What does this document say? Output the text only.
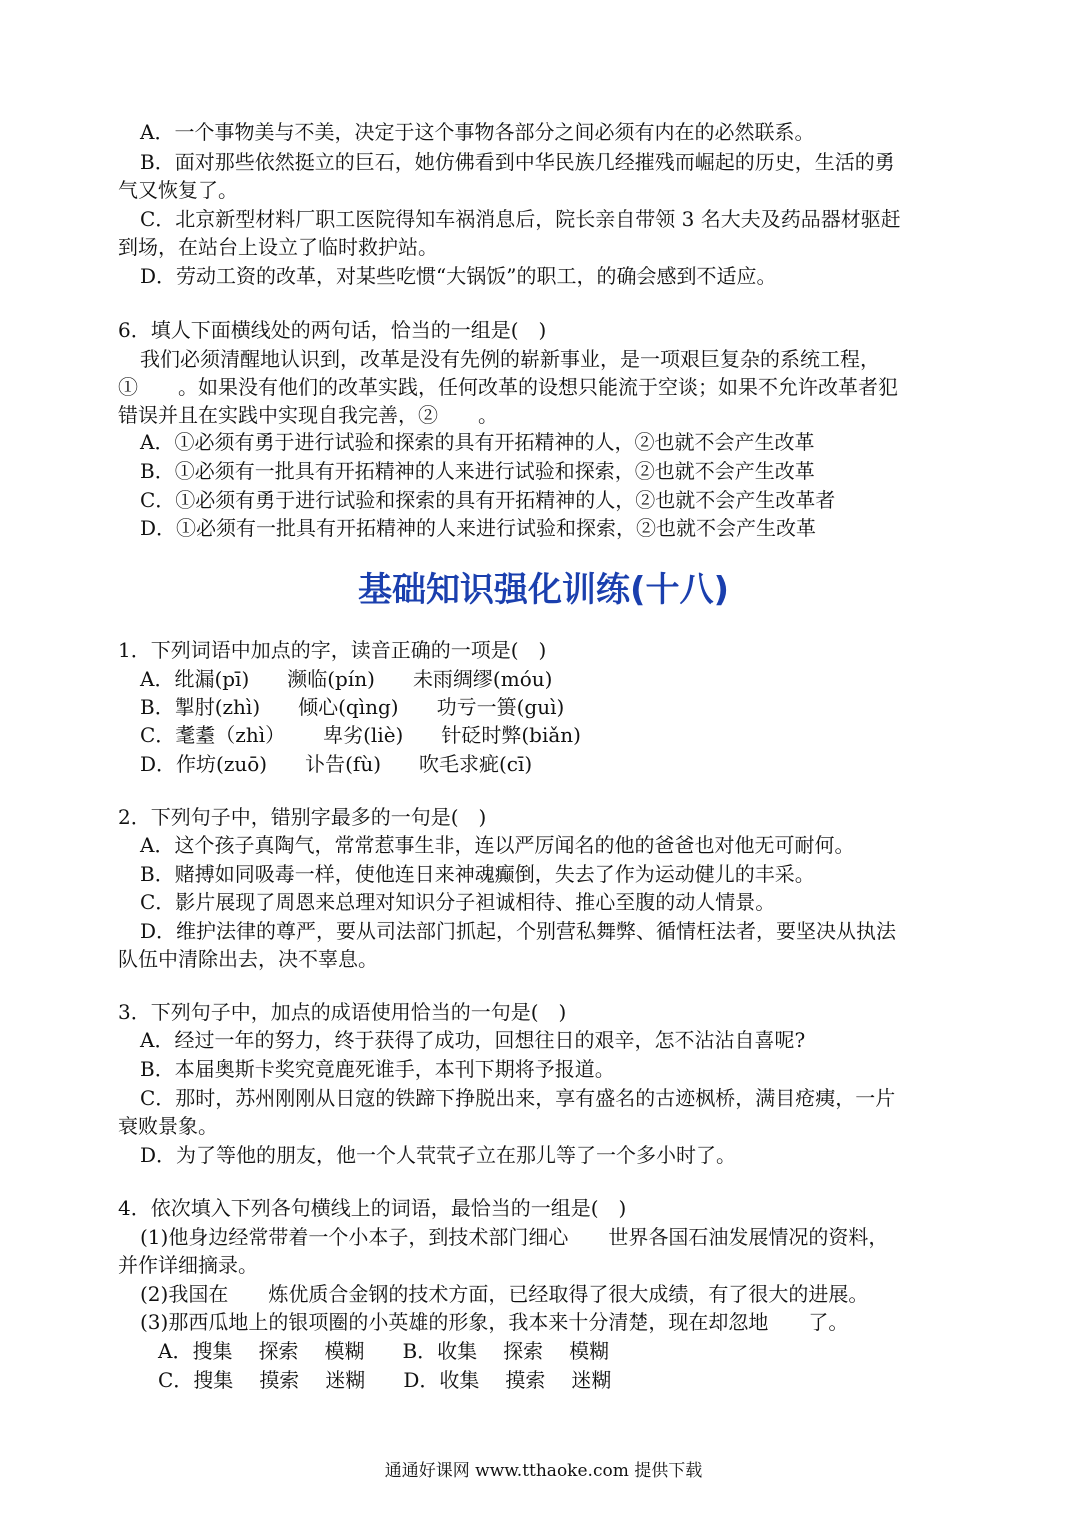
A．一个事物美与不美，决定于这个事物各部分之间必须有内在的必然联系。
B．面对那些依然挺立的巨石，她仿佛看到中华民族几经摧残而崛起的历史，生活的勇
气又恢复了。
C．北京新型材料厂职工医院得知车祸消息后，院长亲自带领 3 名大夫及药品器材驱赶
到场，在站台上设立了临时救护站。
D．劳动工资的改革，对某些吃惯“大锅饭”的职工，的确会感到不适应。
6．填人下面横线处的两句话，恰当的一组是(　)
我们必须清醒地认识到，改革是没有先例的崭新事业，是一项艰巨复杂的系统工程，
①　　。如果没有他们的改革实践，任何改革的设想只能流于空谈；如果不允许改革者犯
错误并且在实践中实现自我完善，②　　。
A．①必须有勇于进行试验和探索的具有开拓精神的人，②也就不会产生改革
B．①必须有一批具有开拓精神的人来进行试验和探索，②也就不会产生改革
C．①必须有勇于进行试验和探索的具有开拓精神的人，②也就不会产生改革者
D．①必须有一批具有开拓精神的人来进行试验和探索，②也就不会产生改革
基础知识强化训练(十八)
1．下列词语中加点的字，读音正确的一项是(　)
A．纰漏(pī) 濒临(pín) 未雨绸缪(móu)
B．掣肘(zhì) 倾心(qìng) 功亏一篑(guì)
C．耄耋（zhì） 卑劣(liè) 针砭时弊(biǎn)
D．作坊(zuō) 讣告(fù) 吹毛求疵(cī)
2．下列句子中，错别字最多的一句是(　)
A．这个孩子真陶气，常常惹事生非，连以严厉闻名的他的爸爸也对他无可耐何。
B．赌搏如同吸毒一样，使他连日来神魂癫倒，失去了作为运动健儿的丰采。
C．影片展现了周恩来总理对知识分子袒诚相待、推心至腹的动人情景。
D．维护法律的尊严，要从司法部门抓起，个别营私舞弊、循情枉法者，要坚决从执法
队伍中清除出去，决不辜息。
3．下列句子中，加点的成语使用恰当的一句是(　)
A．经过一年的努力，终于获得了成功，回想往日的艰辛，怎不沾沾自喜呢?
B．本届奥斯卡奖究竟鹿死谁手，本刊下期将予报道。
C．那时，苏州刚刚从日寇的铁蹄下挣脱出来，享有盛名的古迹枫桥，满目疮痍，一片
衰败景象。
D．为了等他的朋友，他一个人茕茕孑立在那儿等了一个多小时了。
4．依次填入下列各句横线上的词语，最恰当的一组是(　)
(1)他身边经常带着一个小本子，到技术部门细心　　世界各国石油发展情况的资料，
并作详细摘录。
(2)我国在　　炼优质合金钢的技术方面，已经取得了很大成绩，有了很大的进展。
(3)那西瓜地上的银项圈的小英雄的形象，我本来十分清楚，现在却忽地　　了。
A．搜集 探索 模糊 B．收集 探索 模糊
C．搜集 摸索 迷糊 D．收集 摸索 迷糊
通通好课网 www.tthaoke.com 提供下载
